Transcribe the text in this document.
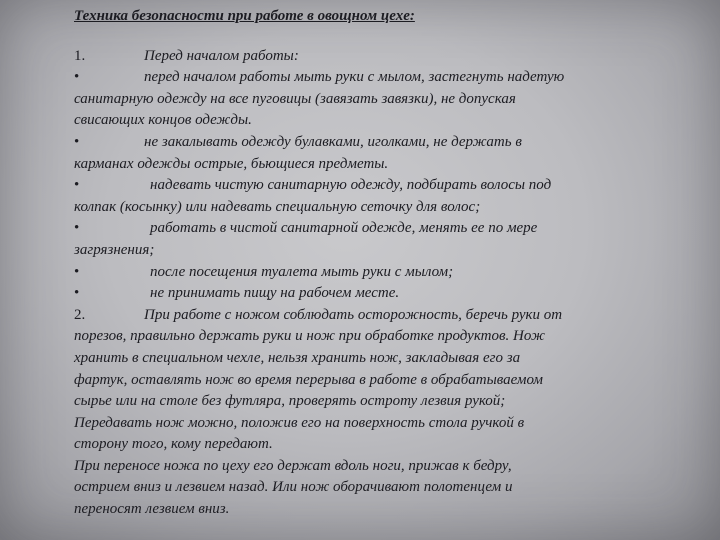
Техника безопасности при работе в овощном цехе:
1.	Перед началом работы:
•	перед началом работы мыть руки с мылом, застегнуть надетую
санитарную одежду на все пуговицы (завязать завязки), не допуская
свисающих концов одежды.
•	не закалывать одежду булавками, иголками, не держать в
карманах одежды острые, бьющиеся предметы.
•	надевать чистую санитарную одежду, подбирать волосы под
колпак (косынку) или надевать специальную сеточку для волос;
•	работать в чистой санитарной одежде, менять ее по мере
загрязнения;
•	после посещения туалета мыть руки с мылом;
•	не принимать пищу на рабочем месте.
2.	При работе с ножом соблюдать осторожность, беречь руки от
порезов, правильно держать руки и нож при обработке продуктов. Нож
хранить в специальном чехле, нельзя хранить нож, закладывая его за
фартук, оставлять нож во время перерыва в работе в обрабатываемом
сырье или на столе без футляра, проверять остроту лезвия рукой;
Передавать нож можно, положив его на поверхность стола ручкой в
сторону того, кому передают.
При переносе ножа по цеху его держат вдоль ноги, прижав к бедру,
острием вниз и лезвием назад. Или нож оборачивают полотенцем и
переносят лезвием вниз.
